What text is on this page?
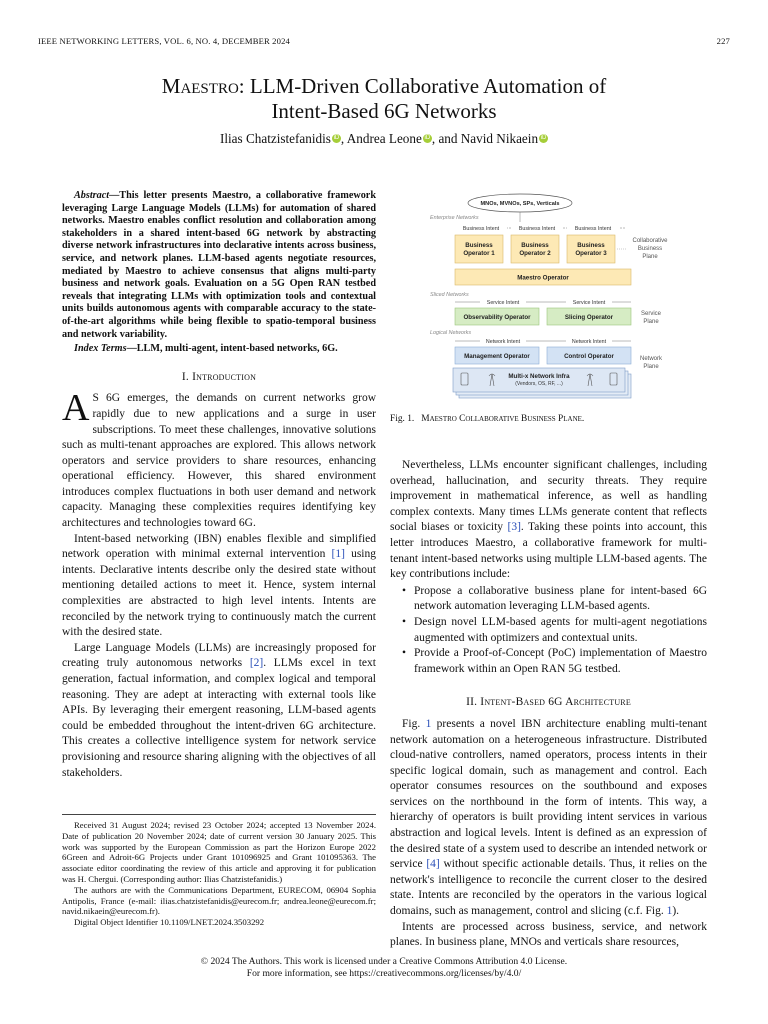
IEEE NETWORKING LETTERS, VOL. 6, NO. 4, DECEMBER 2024	227
Maestro: LLM-Driven Collaborative Automation of
Intent-Based 6G Networks
Ilias Chatzistefanidis iD , Andrea Leone iD , and Navid Nikaein iD
Abstract—This letter presents Maestro, a collaborative framework leveraging Large Language Models (LLMs) for automation of shared networks. Maestro enables conflict resolution and collaboration among stakeholders in a shared intent-based 6G network by abstracting diverse network infrastructures into declarative intents across business, service, and network planes. LLM-based agents negotiate resources, mediated by Maestro to achieve consensus that aligns multi-party business and network goals. Evaluation on a 5G Open RAN testbed reveals that integrating LLMs with optimization tools and contextual units builds autonomous agents with comparable accuracy to the state-of-the-art algorithms while being flexible to spatio-temporal business and network variability.
Index Terms—LLM, multi-agent, intent-based networks, 6G.
I. Introduction

A S 6G emerges, the demands on current networks grow rapidly due to new applications and a surge in user subscriptions. To meet these challenges, innovative solutions such as multi-tenant approaches are explored. This allows network operators and service providers to share resources, enhancing operational efficiency. However, this shared environment introduces complex fluctuations in both user demand and network capacity. Managing these complexities requires identifying key architectures and technologies toward 6G.

Intent-based networking (IBN) enables flexible and simplified network operation with minimal external intervention [1] using intents. Declarative intents describe only the desired state without mentioning detailed actions to meet it. Hence, system internal complexities are abstracted to high level intents. Intents are reconciled by the network trying to continuously match the current with the desired state.

Large Language Models (LLMs) are increasingly proposed for creating truly autonomous networks [2]. LLMs excel in text generation, factual information, and complex logical and temporal reasoning. They are adept at interacting with external tools like APIs. By leveraging their emergent reasoning, LLM-based agents could be embedded throughout the intent-driven 6G architecture. This creates a collective intelligence system for network service provisioning and resource sharing aligning with the objectives of all stakeholders.

Received 31 August 2024; revised 23 October 2024; accepted 13 November 2024. Date of publication 20 November 2024; date of current version 30 January 2025. This work was supported by the European Commission as part the Horizon Europe 2022 6Green and Adroit-6G Projects under Grant 101096925 and Grant 101095363. The associate editor coordinating the review of this article and approving it for publication was H. Chergui. (Corresponding author: Ilias Chatzistefanidis.)

The authors are with the Communications Department, EURECOM, 06904 Sophia Antipolis, France (e-mail: ilias.chatzistefanidis@eurecom.fr; andrea.leone@eurecom.fr; navid.nikaein@eurecom.fr).

Digital Object Identifier 10.1109/LNET.2024.3503292

MNOs, MVNOs, SPs, Verticals
Enterprise Networks
Business Intent	Business Intent	Business Intent
Business
Operator 1
Business
Operator 2
Business
Operator 3
Collaborative
Business
Plane
Maestro Operator
Sliced Networks
Service Intent	Service Intent
Observability Operator	Slicing Operator	Service
Plane
Logical Networks
Network Intent	Network Intent
Management Operator	Control Operator	Network
Plane
Multi-x Network Infra
(Vendors, OS, RF, ...)
Fig. 1. Maestro Collaborative Business Plane.

Nevertheless, LLMs encounter significant challenges, including overhead, hallucination, and security threats. They require improvement in mathematical inference, as well as handling complex contexts. Many times LLMs generate content that reflects social biases or toxicity [3]. Taking these points into account, this letter introduces Maestro, a collaborative framework for multi-tenant intent-based networks using multiple LLM-based agents. The key contributions include:

• Propose a collaborative business plane for intent-based 6G network automation leveraging LLM-based agents.
• Design novel LLM-based agents for multi-agent negotiations augmented with optimizers and contextual units.
• Provide a Proof-of-Concept (PoC) implementation of Maestro framework within an Open RAN 5G testbed.
II. Intent-Based 6G Architecture

Fig. 1 presents a novel IBN architecture enabling multi-tenant network automation on a heterogeneous infrastructure. Distributed cloud-native controllers, named operators, process intents in their specific logical domain, such as management and control. Each operator consumes resources on the southbound and exposes services on the northbound in the form of intents. This way, a hierarchy of operators is built providing intent services in various abstraction and logical levels. Intent is defined as an expression of the desired state of a system used to describe an intended network or service [4] without specific actionable details. Thus, it relies on the network's intelligence to reconcile the current closer to the desired state. Intents are reconciled by the operators in the various logical domains, such as management, control and slicing (c.f. Fig. 1).

Intents are processed across business, service, and network planes. In business plane, MNOs and verticals share resources,

© 2024 The Authors. This work is licensed under a Creative Commons Attribution 4.0 License.
For more information, see https://creativecommons.org/licenses/by/4.0/
